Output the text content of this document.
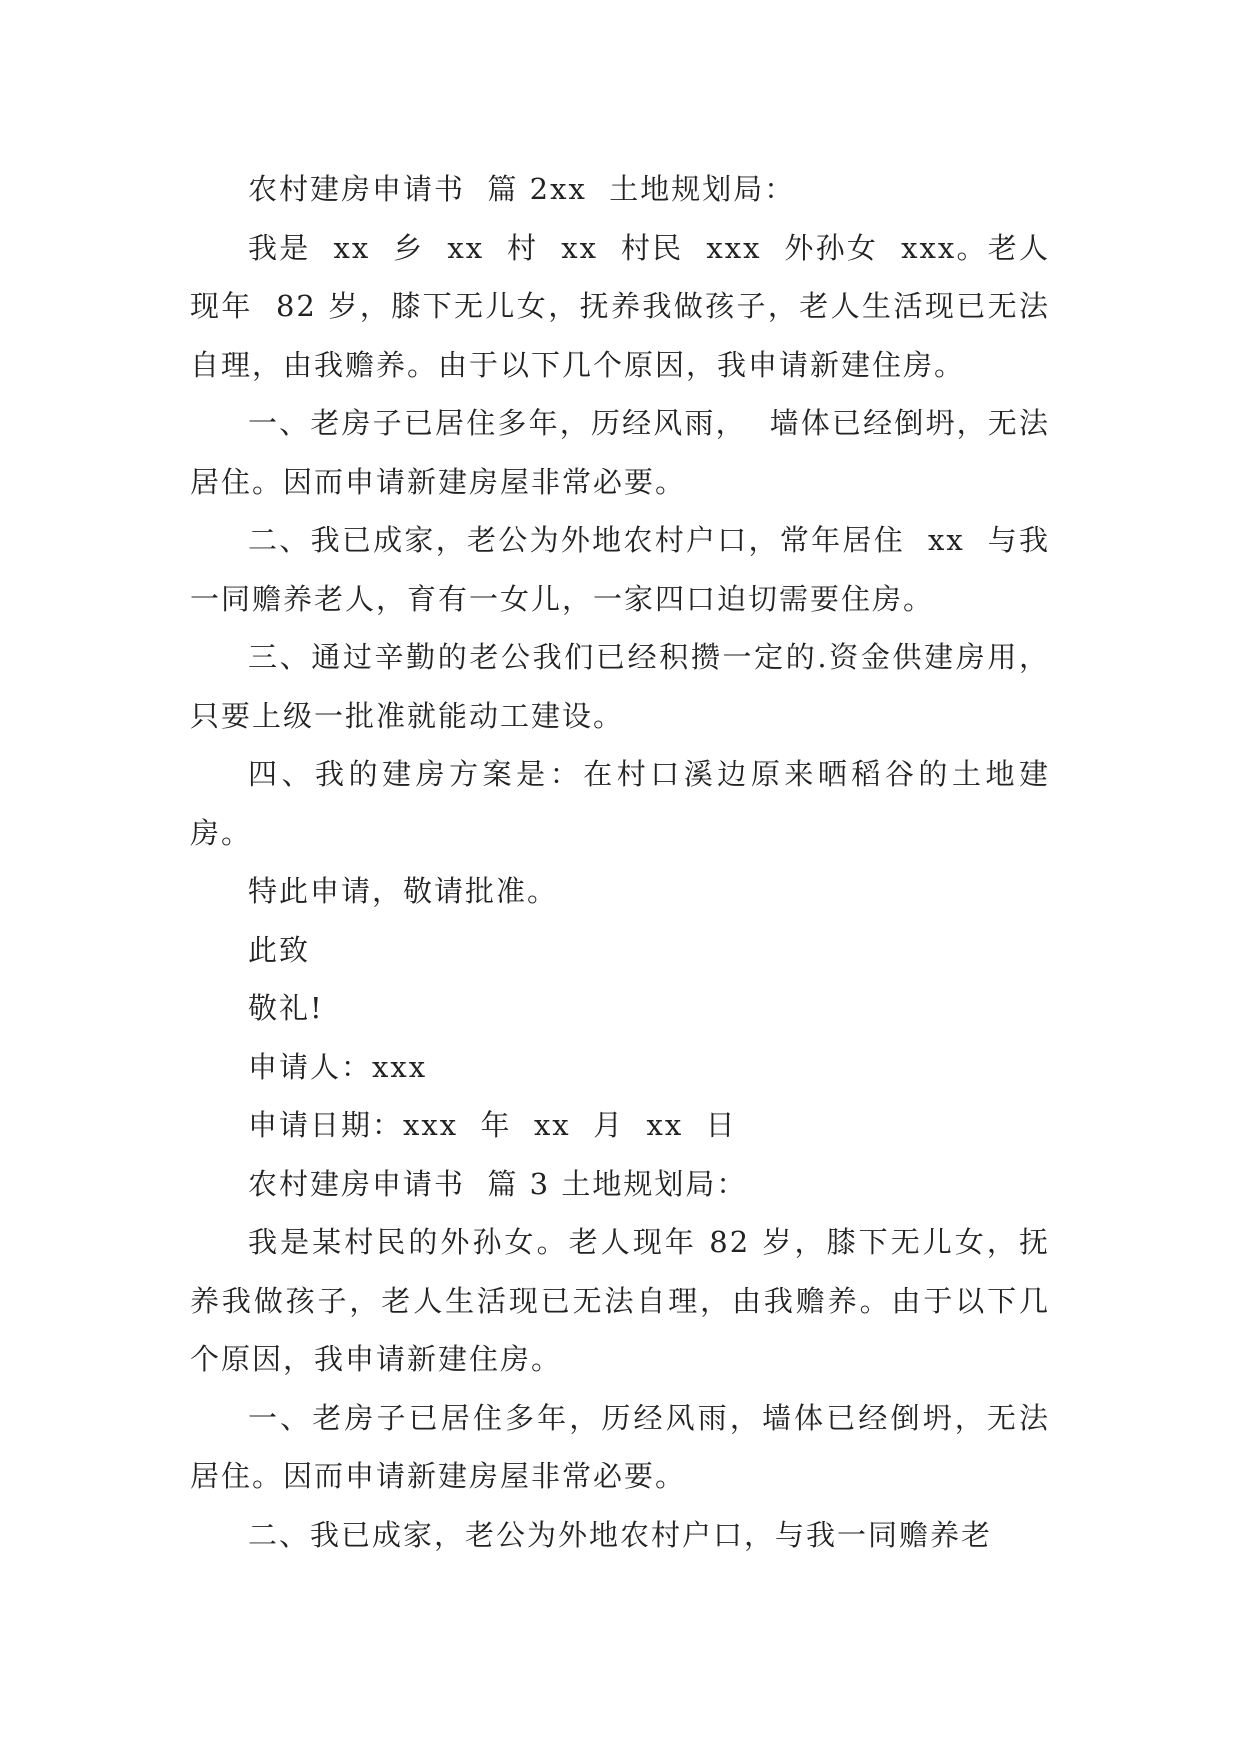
农村建房申请书  篇 2xx  土地规划局：

我是  xx  乡  xx  村  xx  村民  xxx  外孙女  xxx。老人现年  82 岁，膝下无儿女，抚养我做孩子，老人生活现已无法自理，由我赡养。由于以下几个原因，我申请新建住房。

一、老房子已居住多年，历经风雨，  墙体已经倒坍，无法居住。因而申请新建房屋非常必要。

二、我已成家，老公为外地农村户口，常年居住  xx  与我一同赡养老人，育有一女儿，一家四口迫切需要住房。

三、通过辛勤的老公我们已经积攒一定的.资金供建房用，只要上级一批准就能动工建设。

四、我的建房方案是：在村口溪边原来晒稻谷的土地建房。

特此申请，敬请批准。

此致

敬礼!

申请人：xxx

申请日期：xxx  年  xx  月  xx  日

农村建房申请书  篇 3 土地规划局：

我是某村民的外孙女。老人现年 82 岁，膝下无儿女，抚养我做孩子，老人生活现已无法自理，由我赡养。由于以下几个原因，我申请新建住房。

一、老房子已居住多年，历经风雨，墙体已经倒坍，无法居住。因而申请新建房屋非常必要。

二、我已成家，老公为外地农村户口，与我一同赡养老
